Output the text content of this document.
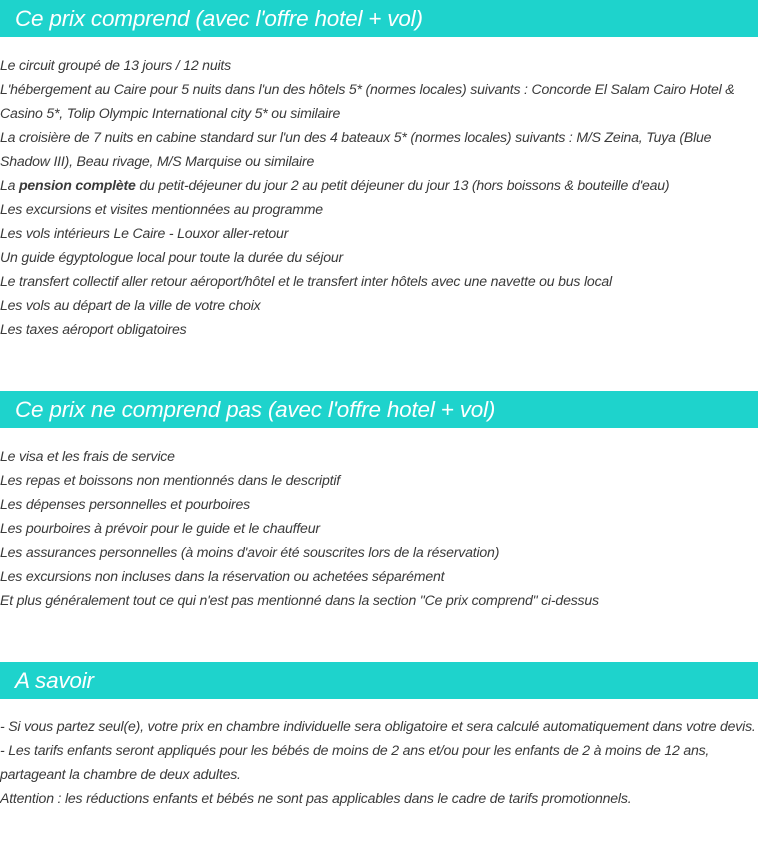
Ce prix comprend (avec l'offre hotel + vol)
Le circuit groupé de 13 jours / 12 nuits
L'hébergement au Caire pour 5 nuits dans l'un des hôtels 5* (normes locales) suivants : Concorde El Salam Cairo Hotel & Casino 5*, Tolip Olympic International city 5* ou similaire
La croisière de 7 nuits en cabine standard sur l'un des 4 bateaux 5* (normes locales) suivants : M/S Zeina, Tuya (Blue Shadow III), Beau rivage, M/S Marquise ou similaire
La pension complète du petit-déjeuner du jour 2 au petit déjeuner du jour 13 (hors boissons & bouteille d'eau)
Les excursions et visites mentionnées au programme
Les vols intérieurs Le Caire - Louxor aller-retour
Un guide égyptologue local pour toute la durée du séjour
Le transfert collectif aller retour aéroport/hôtel et le transfert inter hôtels avec une navette ou bus local
Les vols au départ de la ville de votre choix
Les taxes aéroport obligatoires
Ce prix ne comprend pas (avec l'offre hotel + vol)
Le visa et les frais de service
Les repas et boissons non mentionnés dans le descriptif
Les dépenses personnelles et pourboires
Les pourboires à prévoir pour le guide et le chauffeur
Les assurances personnelles (à moins d'avoir été souscrites lors de la réservation)
Les excursions non incluses dans la réservation ou achetées séparément
Et plus généralement tout ce qui n'est pas mentionné dans la section "Ce prix comprend" ci-dessus
A savoir
- Si vous partez seul(e), votre prix en chambre individuelle sera obligatoire et sera calculé automatiquement dans votre devis.
- Les tarifs enfants seront appliqués pour les bébés de moins de 2 ans et/ou pour les enfants de 2 à moins de 12 ans, partageant la chambre de deux adultes.
Attention : les réductions enfants et bébés ne sont pas applicables dans le cadre de tarifs promotionnels.
